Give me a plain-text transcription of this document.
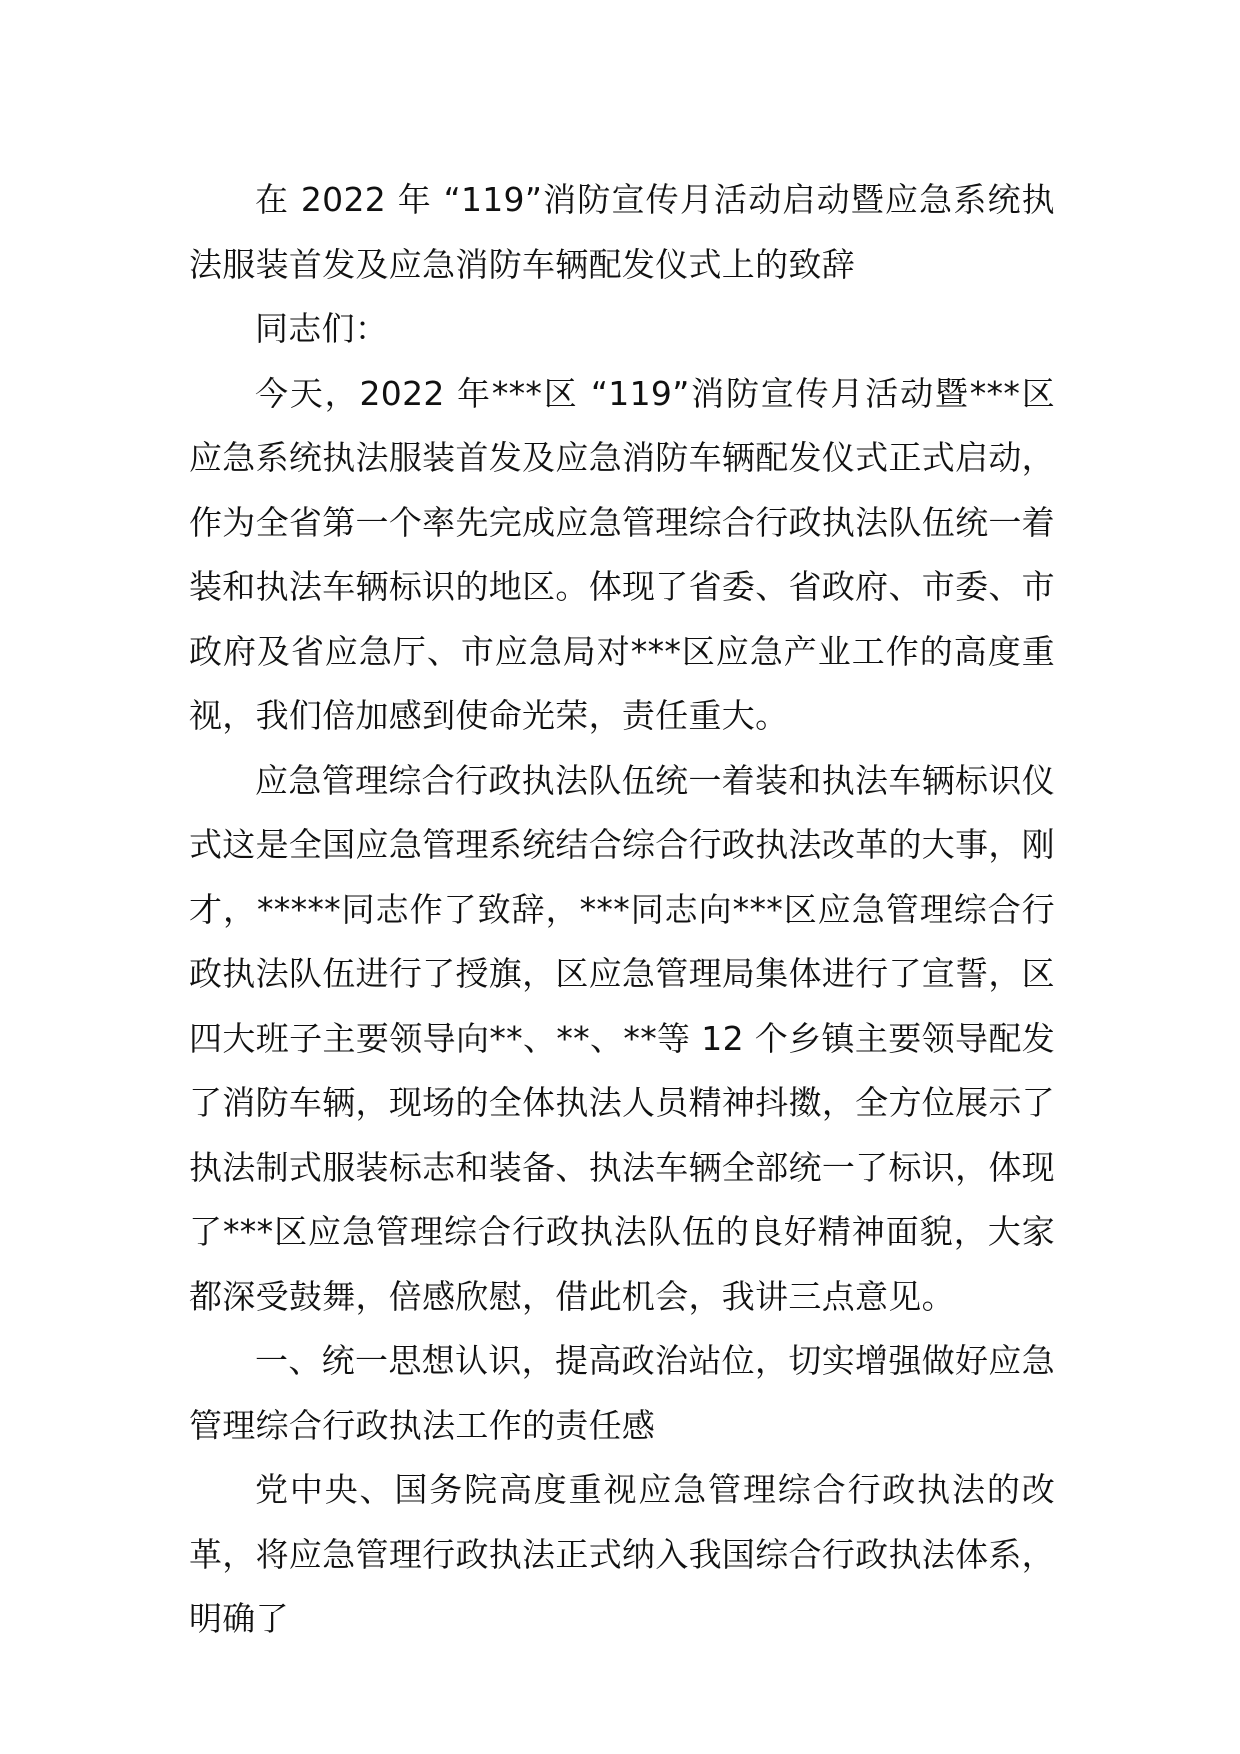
在 2022 年 “119”消防宣传月活动启动暨应急系统执法服装首发及应急消防车辆配发仪式上的致辞

同志们：

今天，2022 年***区 “119”消防宣传月活动暨***区应急系统执法服装首发及应急消防车辆配发仪式正式启动，作为全省第一个率先完成应急管理综合行政执法队伍统一着装和执法车辆标识的地区。体现了省委、省政府、市委、市政府及省应急厅、市应急局对***区应急产业工作的高度重视，我们倍加感到使命光荣，责任重大。

应急管理综合行政执法队伍统一着装和执法车辆标识仪式这是全国应急管理系统结合综合行政执法改革的大事，刚才，*****同志作了致辞，***同志向***区应急管理综合行政执法队伍进行了授旗，区应急管理局集体进行了宣誓，区四大班子主要领导向**、**、**等 12 个乡镇主要领导配发了消防车辆，现场的全体执法人员精神抖擞，全方位展示了执法制式服装标志和装备、执法车辆全部统一了标识，体现了***区应急管理综合行政执法队伍的良好精神面貌，大家都深受鼓舞，倍感欣慰，借此机会，我讲三点意见。

一、统一思想认识，提高政治站位，切实增强做好应急管理综合行政执法工作的责任感

党中央、国务院高度重视应急管理综合行政执法的改革，将应急管理行政执法正式纳入我国综合行政执法体系，明确了
